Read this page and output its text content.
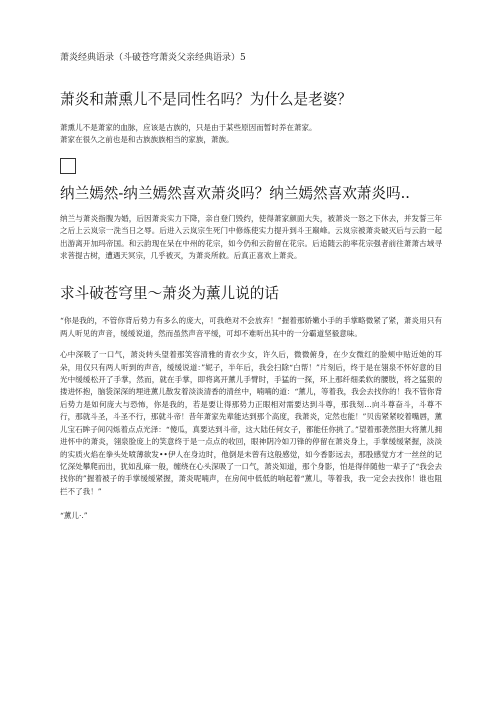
萧炎经典语录（斗破苍穹萧炎父亲经典语录）5
萧炎和萧熏儿不是同性名吗？为什么是老婆？

萧熏儿不是萧家的血脉，应该是古族的，只是由于某些原因而暂时养在萧家。

萧家在很久之前也是和古族族族相当的家族，萧族。

纳兰嫣然-纳兰嫣然喜欢萧炎吗？纳兰嫣然喜欢萧炎吗..

纳兰与萧炎指腹为婚，后因萧炎实力下降，亲自登门毁约，使得萧家颜面大失，被萧炎一怒之下休去，并发誓三年之后上云岚宗一洗当日之辱。后进入云岚宗生死门中修炼使实力提升到斗王巅峰。云岚宗被萧炎破灭后与云韵一起出游离开加玛帝国。和云韵现在呆在中州的花宗，如今仍和云韵留在花宗。后追随云韵率花宗强者前往萧萧古域寻求菩提古树，遭遇天冥宗，几乎被灭，为萧炎所救。后真正喜欢上萧炎。

求斗破苍穹里～萧炎为薰儿说的话

“你是我的，不管你背后势力有多么的庞大，可我绝对不会放弃！”握着那娇嫩小手的手掌略微紧了紧，萧炎用只有两人听见的声音，缓缓说道，然而虽然声音平缓，可却不难听出其中的一分霸道坚毅意味。

心中深吸了一口气，萧炎转头望着那笑容清雅的青衣少女，许久后，微微俯身，在少女微红的脸颊中贴近她的耳朵，用仅只有两人听到的声音，缓缓说道：”妮子，半年后，我会扫除“白帮！”片刻后，终于是在翎泉不怀好意的目光中缓缓松开了手掌，然而，就在手掌，即将离开薰儿手臂时，手猛的一探，环上那纤细柔软的腰肢，将之猛狠的搂进怀抱，脑袋深深的埋进薰儿散发着淡淡清香的清丝中，喃喃的道：“薰儿，等着我，我会去找你的！我不管你背后势力是如何庞大与恐怖，你是我的，若是要让得那势力正眼相对需要达到斗尊，那我刻…向斗尊奋斗，斗尊不行，那就斗圣，斗圣不行，那就斗帝！昔年萧家先辈能达到那个高度，我萧炎，定然也能！”贝齿紧紧咬着嘴唇，薰儿宝石眸子间闪烁着点点光泽：“傻瓜，真要达到斗帝，这大陆任何女子，都能任你挑了。”望着那袭然胆大将薰儿拥进怀中的萧炎，翎泉脸庞上的笑意终于是一点点的收回，眼神阴冷如刀锋的停留在萧炎身上，手掌缓缓紧握，淡淡的实质火焰在拳头处喷薄欲发••伊人在身边时，他倒是未曾有这般感觉，如今香影远去，那股感觉方才一丝丝的记忆深处攀爬而出，犹如乱麻一般，缠绕在心头深吸了一口气，萧炎知道，那个身影，怕是得伴随他一辈子了“我会去找你的”握着被子的手掌缓缓紧握，萧炎呢喃声，在房间中低低的响起着“薰儿，等着我，我一定会去找你！谁也阻拦不了我！”

“薰儿·.”
